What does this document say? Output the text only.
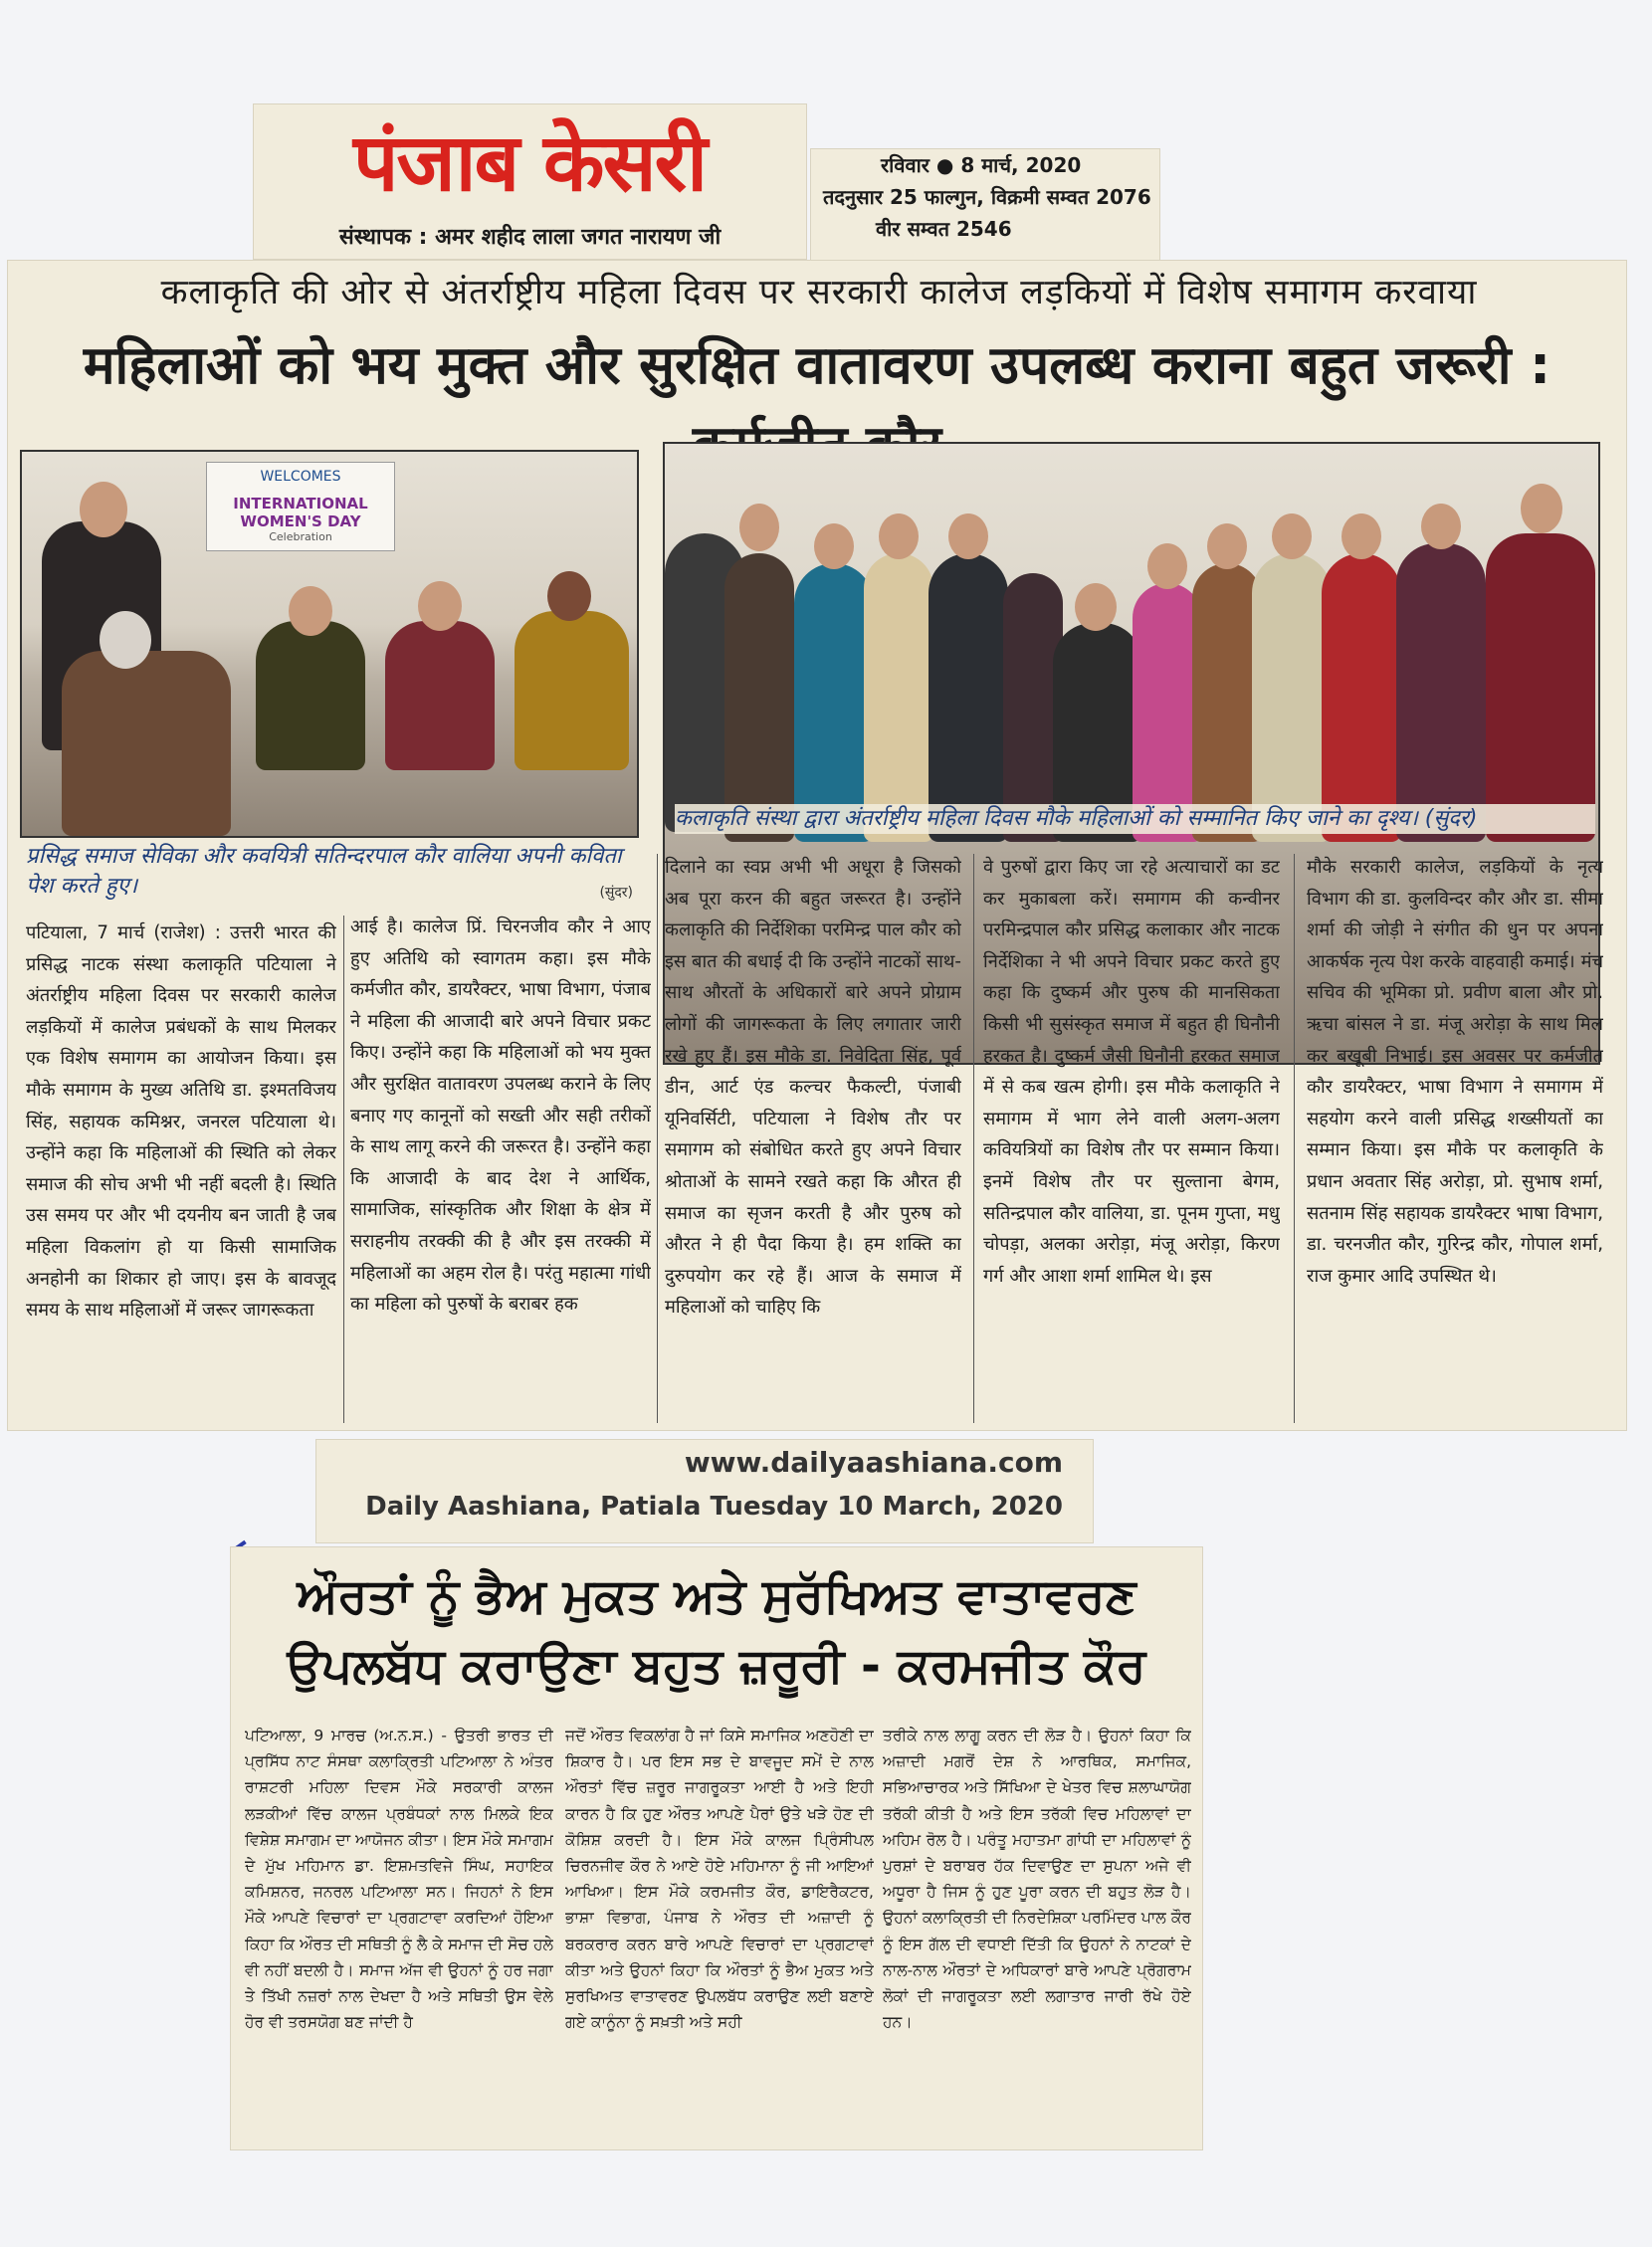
पंजाब केसरी
संस्थापक : अमर शहीद लाला जगत नारायण जी
रविवार ● 8 मार्च, 2020
तदनुसार 25 फाल्गुन, विक्रमी सम्वत 2076
वीर सम्वत 2546
कलाकृति की ओर से अंतर्राष्ट्रीय महिला दिवस पर सरकारी कालेज लड़कियों में विशेष समागम करवाया
महिलाओं को भय मुक्त और सुरक्षित वातावरण उपलब्ध कराना बहुत जरूरी :
WELCOMES
INTERNATIONAL WOMEN'S DAY
Celebration
कलाकृति संस्था द्वारा अंतर्राष्ट्रीय महिला दिवस मौके महिलाओं को सम्मानित किए जाने का दृश्य। (सुंदर)
प्रसिद्ध समाज सेविका और कवयित्री सतिन्दरपाल कौर वालिया अपनी कविता पेश करते हुए।	(सुंदर)
पटियाला, 7 मार्च (राजेश) : उत्तरी भारत की प्रसिद्ध नाटक संस्था कलाकृति पटियाला ने अंतर्राष्ट्रीय महिला दिवस पर सरकारी कालेज लड़कियों में कालेज प्रबंधकों के साथ मिलकर एक विशेष समागम का आयोजन किया। इस मौके समागम के मुख्य अतिथि डा. इश्मतविजय सिंह, सहायक कमिश्नर, जनरल पटियाला थे। उन्होंने कहा कि महिलाओं की स्थिति को लेकर समाज की सोच अभी भी नहीं बदली है। स्थिति उस समय पर और भी दयनीय बन जाती है जब महिला विकलांग हो या किसी सामाजिक अनहोनी का शिकार हो जाए। इस के बावजूद समय के साथ महिलाओं में जरूर जागरूकता
आई है। कालेज प्रिं. चिरनजीव कौर ने आए हुए अतिथि को स्वागतम कहा। इस मौके कर्मजीत कौर, डायरैक्टर, भाषा विभाग, पंजाब ने महिला की आजादी बारे अपने विचार प्रकट किए। उन्होंने कहा कि महिलाओं को भय मुक्त और सुरक्षित वातावरण उपलब्ध कराने के लिए बनाए गए कानूनों को सख्ती और सही तरीकों के साथ लागू करने की जरूरत है। उन्होंने कहा कि आजादी के बाद देश ने आर्थिक, सामाजिक, सांस्कृतिक और शिक्षा के क्षेत्र में सराहनीय तरक्की की है और इस तरक्की में महिलाओं का अहम रोल है। परंतु महात्मा गांधी का महिला को पुरुषों के बराबर हक
दिलाने का स्वप्न अभी भी अधूरा है जिसको अब पूरा करन की बहुत जरूरत है। उन्होंने कलाकृति की निर्देशिका परमिन्द्र पाल कौर को इस बात की बधाई दी कि उन्होंने नाटकों साथ-साथ औरतों के अधिकारों बारे अपने प्रोग्राम लोगों की जागरूकता के लिए लगातार जारी रखे हुए हैं। इस मौके डा. निवेदिता सिंह, पूर्व डीन, आर्ट एंड कल्चर फैकल्टी, पंजाबी यूनिवर्सिटी, पटियाला ने विशेष तौर पर समागम को संबोधित करते हुए अपने विचार श्रोताओं के सामने रखते कहा कि औरत ही समाज का सृजन करती है और पुरुष को औरत ने ही पैदा किया है। हम शक्ति का दुरुपयोग कर रहे हैं। आज के समाज में महिलाओं को चाहिए कि
वे पुरुषों द्वारा किए जा रहे अत्याचारों का डट कर मुकाबला करें। समागम की कन्वीनर परमिन्द्रपाल कौर प्रसिद्ध कलाकार और नाटक निर्देशिका ने भी अपने विचार प्रकट करते हुए कहा कि दुष्कर्म और पुरुष की मानसिकता किसी भी सुसंस्कृत समाज में बहुत ही घिनौनी हरकत है। दुष्कर्म जैसी घिनौनी हरकत समाज में से कब खत्म होगी। इस मौके कलाकृति ने समागम में भाग लेने वाली अलग-अलग कवियत्रियों का विशेष तौर पर सम्मान किया। इनमें विशेष तौर पर सुल्ताना बेगम, सतिन्द्रपाल कौर वालिया, डा. पूनम गुप्ता, मधु चोपड़ा, अलका अरोड़ा, मंजू अरोड़ा, किरण गर्ग और आशा शर्मा शामिल थे। इस
मौके सरकारी कालेज, लड़कियों के नृत्य विभाग की डा. कुलविन्दर कौर और डा. सीमा शर्मा की जोड़ी ने संगीत की धुन पर अपना आकर्षक नृत्य पेश करके वाहवाही कमाई। मंच सचिव की भूमिका प्रो. प्रवीण बाला और प्रो. ऋचा बांसल ने डा. मंजू अरोड़ा के साथ मिल कर बखूबी निभाई। इस अवसर पर कर्मजीत कौर डायरैक्टर, भाषा विभाग ने समागम में सहयोग करने वाली प्रसिद्ध शख्सीयतों का सम्मान किया। इस मौके पर कलाकृति के प्रधान अवतार सिंह अरोड़ा, प्रो. सुभाष शर्मा, सतनाम सिंह सहायक डायरैक्टर भाषा विभाग, डा. चरनजीत कौर, गुरिन्द्र कौर, गोपाल शर्मा, राज कुमार आदि उपस्थित थे।
www.dailyaashiana.com
Daily Aashiana, Patiala Tuesday 10 March, 2020
ਔਰਤਾਂ ਨੂੰ ਭੈਅ ਮੁਕਤ ਅਤੇ ਸੁਰੱਖਿਅਤ ਵਾਤਾਵਰਣ
ਉਪਲਬੱਧ ਕਰਾਉਣਾ ਬਹੁਤ ਜ਼ਰੂਰੀ - ਕਰਮਜੀਤ ਕੌਰ
ਪਟਿਆਲਾ, 9 ਮਾਰਚ (ਅ.ਨ.ਸ.) - ਉਤਰੀ ਭਾਰਤ ਦੀ ਪ੍ਰਸਿੱਧ ਨਾਟ ਸੰਸਥਾ ਕਲਾਕ੍ਰਿਤੀ ਪਟਿਆਲਾ ਨੇ ਅੰਤਰ ਰਾਸ਼ਟਰੀ ਮਹਿਲਾ ਦਿਵਸ ਮੌਕੇ ਸਰਕਾਰੀ ਕਾਲਜ ਲੜਕੀਆਂ ਵਿੱਚ ਕਾਲਜ ਪ੍ਰਬੰਧਕਾਂ ਨਾਲ ਮਿਲਕੇ ਇਕ ਵਿਸ਼ੇਸ਼ ਸਮਾਗਮ ਦਾ ਆਯੋਜਨ ਕੀਤਾ। ਇਸ ਮੌਕੇ ਸਮਾਗਮ ਦੇ ਮੁੱਖ ਮਹਿਮਾਨ ਡਾ. ਇਸ਼ਮਤਵਿਜੇ ਸਿੰਘ, ਸਹਾਇਕ ਕਮਿਸ਼ਨਰ, ਜਨਰਲ ਪਟਿਆਲਾ ਸਨ। ਜਿਹਨਾਂ ਨੇ ਇਸ ਮੌਕੇ ਆਪਣੇ ਵਿਚਾਰਾਂ ਦਾ ਪ੍ਰਗਟਾਵਾ ਕਰਦਿਆਂ ਹੋਇਆ ਕਿਹਾ ਕਿ ਔਰਤ ਦੀ ਸਥਿਤੀ ਨੂੰ ਲੈ ਕੇ ਸਮਾਜ ਦੀ ਸੋਚ ਹਲੇ ਵੀ ਨਹੀਂ ਬਦਲੀ ਹੈ। ਸਮਾਜ ਅੱਜ ਵੀ ਉਹਨਾਂ ਨੂੰ ਹਰ ਜਗਾ ਤੇ ਤਿੱਖੀ ਨਜ਼ਰਾਂ ਨਾਲ ਦੇਖਦਾ ਹੈ ਅਤੇ ਸਥਿਤੀ ਉਸ ਵੇਲੇ ਹੋਰ ਵੀ ਤਰਸਯੋਗ ਬਣ ਜਾਂਦੀ ਹੈ
ਜਦੋਂ ਔਰਤ ਵਿਕਲਾਂਗ ਹੈ ਜਾਂ ਕਿਸੇ ਸਮਾਜਿਕ ਅਣਹੋਣੀ ਦਾ ਸ਼ਿਕਾਰ ਹੈ। ਪਰ ਇਸ ਸਭ ਦੇ ਬਾਵਜੂਦ ਸਮੇਂ ਦੇ ਨਾਲ ਔਰਤਾਂ ਵਿੱਚ ਜ਼ਰੂਰ ਜਾਗਰੂਕਤਾ ਆਈ ਹੈ ਅਤੇ ਇਹੀ ਕਾਰਨ ਹੈ ਕਿ ਹੁਣ ਔਰਤ ਆਪਣੇ ਪੈਰਾਂ ਉਤੇ ਖੜੇ ਹੋਣ ਦੀ ਕੋਸ਼ਿਸ਼ ਕਰਦੀ ਹੈ। ਇਸ ਮੌਕੇ ਕਾਲਜ ਪ੍ਰਿੰਸੀਪਲ ਚਿਰਨਜੀਵ ਕੌਰ ਨੇ ਆਏ ਹੋਏ ਮਹਿਮਾਨਾ ਨੂੰ ਜੀ ਆਇਆਂ ਆਖਿਆ। ਇਸ ਮੌਕੇ ਕਰਮਜੀਤ ਕੌਰ, ਡਾਇਰੈਕਟਰ, ਭਾਸ਼ਾ ਵਿਭਾਗ, ਪੰਜਾਬ ਨੇ ਔਰਤ ਦੀ ਅਜ਼ਾਦੀ ਨੂੰ ਬਰਕਰਾਰ ਕਰਨ ਬਾਰੇ ਆਪਣੇ ਵਿਚਾਰਾਂ ਦਾ ਪ੍ਰਗਟਾਵਾਂ ਕੀਤਾ ਅਤੇ ਉਹਨਾਂ ਕਿਹਾ ਕਿ ਔਰਤਾਂ ਨੂੰ ਭੈਅ ਮੁਕਤ ਅਤੇ ਸੁਰਖਿਅਤ ਵਾਤਾਵਰਣ ਉਪਲਬੱਧ ਕਰਾਉਣ ਲਈ ਬਣਾਏ ਗਏ ਕਾਨੂੰਨਾ ਨੂੰ ਸਖ਼ਤੀ ਅਤੇ ਸਹੀ
ਤਰੀਕੇ ਨਾਲ ਲਾਗੂ ਕਰਨ ਦੀ ਲੋੜ ਹੈ। ਉਹਨਾਂ ਕਿਹਾ ਕਿ ਅਜ਼ਾਦੀ ਮਗਰੋਂ ਦੇਸ਼ ਨੇ ਆਰਥਿਕ, ਸਮਾਜਿਕ, ਸਭਿਆਚਾਰਕ ਅਤੇ ਸਿੱਖਿਆ ਦੇ ਖੇਤਰ ਵਿਚ ਸ਼ਲਾਘਾਯੋਗ ਤਰੱਕੀ ਕੀਤੀ ਹੈ ਅਤੇ ਇਸ ਤਰੱਕੀ ਵਿਚ ਮਹਿਲਾਵਾਂ ਦਾ ਅਹਿਮ ਰੋਲ ਹੈ। ਪਰੰਤੂ ਮਹਾਤਮਾ ਗਾਂਧੀ ਦਾ ਮਹਿਲਾਵਾਂ ਨੂੰ ਪੁਰਸ਼ਾਂ ਦੇ ਬਰਾਬਰ ਹੱਕ ਦਿਵਾਉਣ ਦਾ ਸੁਪਨਾ ਅਜੇ ਵੀ ਅਧੂਰਾ ਹੈ ਜਿਸ ਨੂੰ ਹੁਣ ਪੂਰਾ ਕਰਨ ਦੀ ਬਹੁਤ ਲੋੜ ਹੈ। ਉਹਨਾਂ ਕਲਾਕ੍ਰਿਤੀ ਦੀ ਨਿਰਦੇਸ਼ਿਕਾ ਪਰਮਿੰਦਰ ਪਾਲ ਕੌਰ ਨੂੰ ਇਸ ਗੱਲ ਦੀ ਵਧਾਈ ਦਿੱਤੀ ਕਿ ਉਹਨਾਂ ਨੇ ਨਾਟਕਾਂ ਦੇ ਨਾਲ-ਨਾਲ ਔਰਤਾਂ ਦੇ ਅਧਿਕਾਰਾਂ ਬਾਰੇ ਆਪਣੇ ਪ੍ਰੋਗਰਾਮ ਲੋਕਾਂ ਦੀ ਜਾਗਰੂਕਤਾ ਲਈ ਲਗਾਤਾਰ ਜਾਰੀ ਰੱਖੇ ਹੋਏ ਹਨ।
